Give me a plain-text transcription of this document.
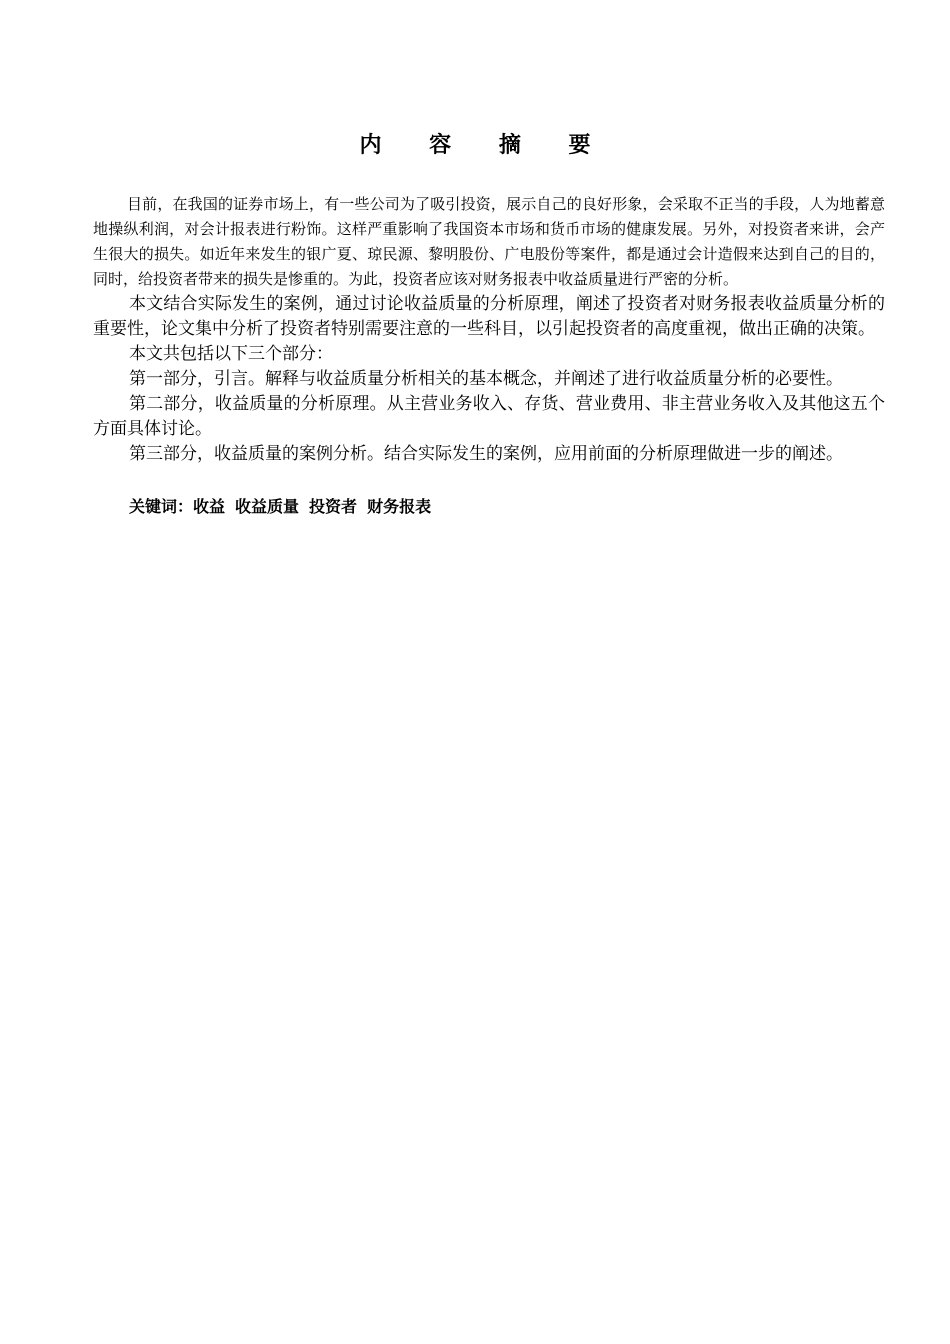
内 容 摘 要

目前，在我国的证券市场上，有一些公司为了吸引投资，展示自己的良好形象，会采取不正当的手段，人为地蓄意地操纵利润，对会计报表进行粉饰。这样严重影响了我国资本市场和货币市场的健康发展。另外，对投资者来讲，会产生很大的损失。如近年来发生的银广夏、琼民源、黎明股份、广电股份等案件，都是通过会计造假来达到自己的目的，同时，给投资者带来的损失是惨重的。为此，投资者应该对财务报表中收益质量进行严密的分析。

本文结合实际发生的案例，通过讨论收益质量的分析原理，阐述了投资者对财务报表收益质量分析的重要性，论文集中分析了投资者特别需要注意的一些科目，以引起投资者的高度重视，做出正确的决策。

本文共包括以下三个部分：

第一部分，引言。解释与收益质量分析相关的基本概念，并阐述了进行收益质量分析的必要性。

第二部分，收益质量的分析原理。从主营业务收入、存货、营业费用、非主营业务收入及其他这五个方面具体讨论。

第三部分，收益质量的案例分析。结合实际发生的案例，应用前面的分析原理做进一步的阐述。

关键词：收益 收益质量 投资者 财务报表
